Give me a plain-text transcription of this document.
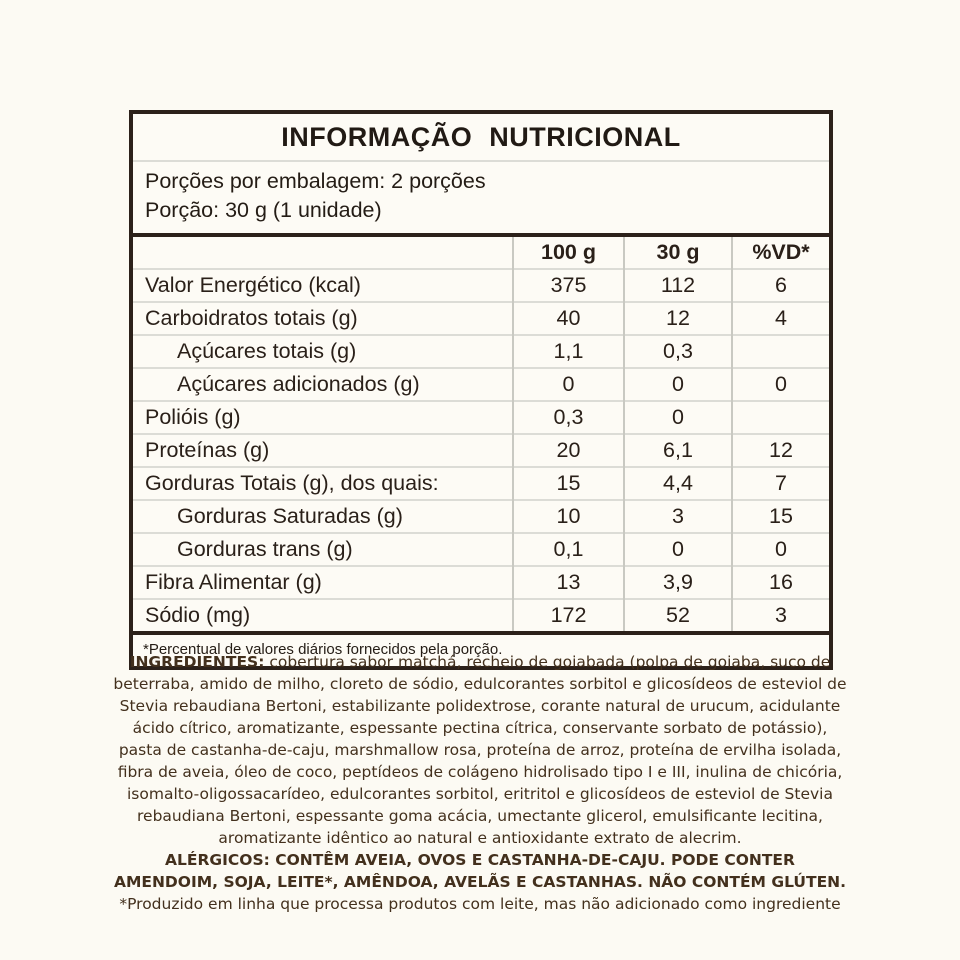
INFORMAÇÃO NUTRICIONAL
Porções por embalagem: 2 porções
Porção: 30 g (1 unidade)
	100 g	30 g	%VD*
Valor Energético (kcal)	375	112	6
Carboidratos totais (g)	40	12	4
Açúcares totais (g)	1,1	0,3	
Açúcares adicionados (g)	0	0	0
Polióis (g)	0,3	0	
Proteínas (g)	20	6,1	12
Gorduras Totais (g), dos quais:	15	4,4	7
Gorduras Saturadas (g)	10	3	15
Gorduras trans (g)	0,1	0	0
Fibra Alimentar (g)	13	3,9	16
Sódio (mg)	172	52	3
*Percentual de valores diários fornecidos pela porção.

INGREDIENTES: cobertura sabor matchá, recheio de goiabada (polpa de goiaba, suco de beterraba, amido de milho, cloreto de sódio, edulcorantes sorbitol e glicosídeos de esteviol de Stevia rebaudiana Bertoni, estabilizante polidextrose, corante natural de urucum, acidulante ácido cítrico, aromatizante, espessante pectina cítrica, conservante sorbato de potássio), pasta de castanha-de-caju, marshmallow rosa, proteína de arroz, proteína de ervilha isolada, fibra de aveia, óleo de coco, peptídeos de colágeno hidrolisado tipo I e III, inulina de chicória, isomalto-oligossacarídeo, edulcorantes sorbitol, eritritol e glicosídeos de esteviol de Stevia rebaudiana Bertoni, espessante goma acácia, umectante glicerol, emulsificante lecitina, aromatizante idêntico ao natural e antioxidante extrato de alecrim.

ALÉRGICOS: CONTÊM AVEIA, OVOS E CASTANHA-DE-CAJU. PODE CONTER AMENDOIM, SOJA, LEITE*, AMÊNDOA, AVELÃS E CASTANHAS. NÃO CONTÉM GLÚTEN.

*Produzido em linha que processa produtos com leite, mas não adicionado como ingrediente
